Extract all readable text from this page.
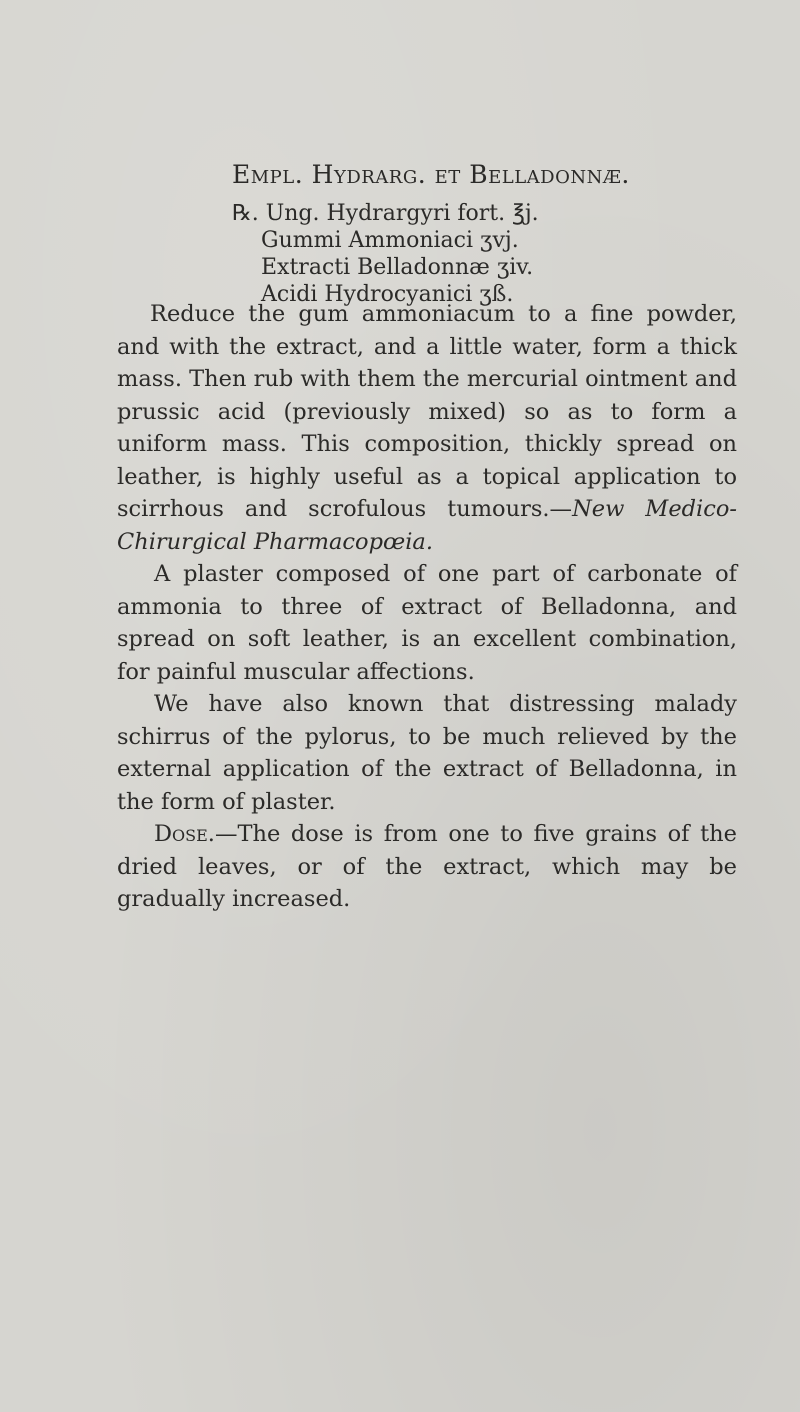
Empl. Hydrarg. et Belladonnæ.
℞. Ung. Hydrargyri fort. ℥j.
Gummi Ammoniaci ʒvj.
Extracti Belladonnæ ʒiv.
Acidi Hydrocyanici ʒß.

Reduce the gum ammoniacum to a fine powder, and with the extract, and a little water, form a thick mass. Then rub with them the mercurial ointment and prussic acid (previously mixed) so as to form a uniform mass. This composition, thickly spread on leather, is highly useful as a topical application to scirrhous and scrofulous tumours.—New Medico-Chirurgical Pharmacopœia.

A plaster composed of one part of carbonate of ammonia to three of extract of Belladonna, and spread on soft leather, is an excellent combination, for painful muscular affections.

We have also known that distressing malady schirrus of the pylorus, to be much relieved by the external application of the extract of Belladonna, in the form of plaster.

Dose.—The dose is from one to five grains of the dried leaves, or of the extract, which may be gradually increased.
